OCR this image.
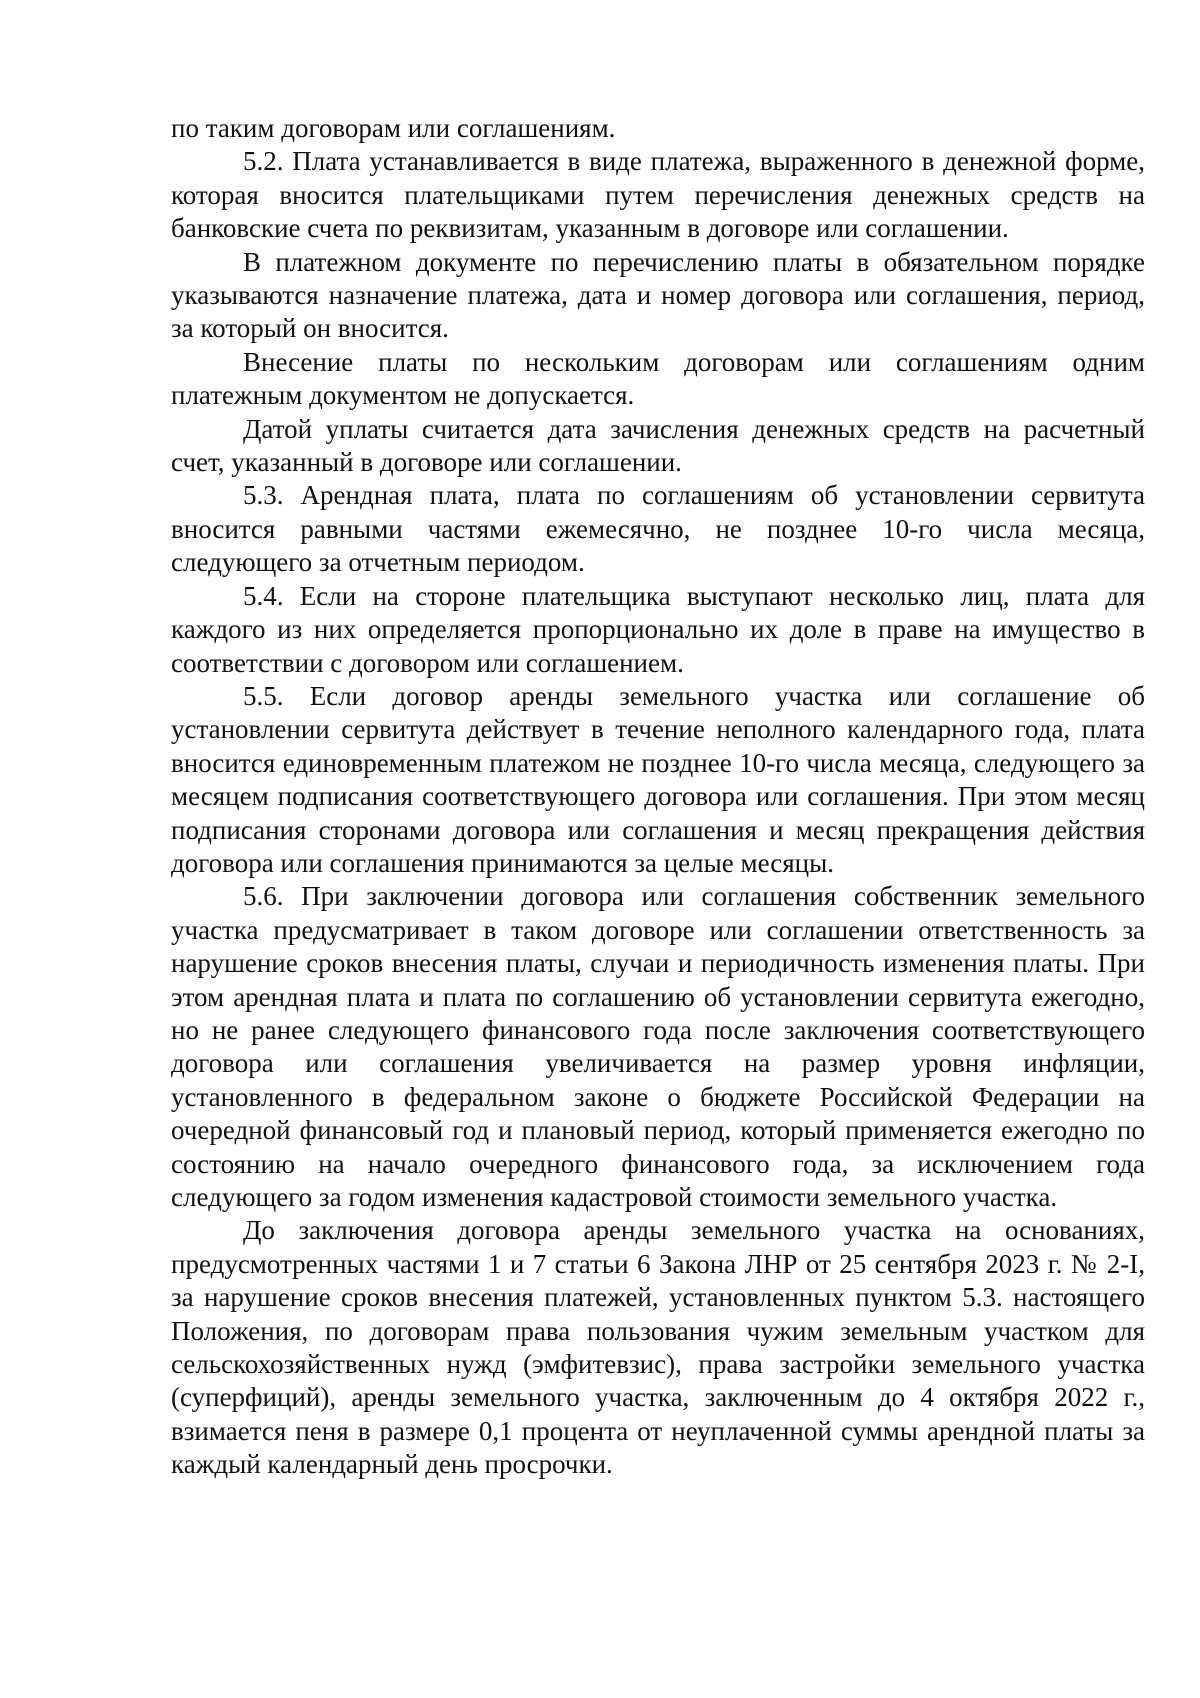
по таким договорам или соглашениям.

5.2. Плата устанавливается в виде платежа, выраженного в денежной форме, которая вносится плательщиками путем перечисления денежных средств на банковские счета по реквизитам, указанным в договоре или соглашении.

В платежном документе по перечислению платы в обязательном порядке указываются назначение платежа, дата и номер договора или соглашения, период, за который он вносится.

Внесение платы по нескольким договорам или соглашениям одним платежным документом не допускается.

Датой уплаты считается дата зачисления денежных средств на расчетный счет, указанный в договоре или соглашении.

5.3. Арендная плата, плата по соглашениям об установлении сервитута вносится равными частями ежемесячно, не позднее 10-го числа месяца, следующего за отчетным периодом.

5.4. Если на стороне плательщика выступают несколько лиц, плата для каждого из них определяется пропорционально их доле в праве на имущество в соответствии с договором или соглашением.

5.5. Если договор аренды земельного участка или соглашение об установлении сервитута действует в течение неполного календарного года, плата вносится единовременным платежом не позднее 10-го числа месяца, следующего за месяцем подписания соответствующего договора или соглашения. При этом месяц подписания сторонами договора или соглашения и месяц прекращения действия договора или соглашения принимаются за целые месяцы.

5.6. При заключении договора или соглашения собственник земельного участка предусматривает в таком договоре или соглашении ответственность за нарушение сроков внесения платы, случаи и периодичность изменения платы. При этом арендная плата и плата по соглашению об установлении сервитута ежегодно, но не ранее следующего финансового года после заключения соответствующего договора или соглашения увеличивается на размер уровня инфляции, установленного в федеральном законе о бюджете Российской Федерации на очередной финансовый год и плановый период, который применяется ежегодно по состоянию на начало очередного финансового года, за исключением года следующего за годом изменения кадастровой стоимости земельного участка.

До заключения договора аренды земельного участка на основаниях, предусмотренных частями 1 и 7 статьи 6 Закона ЛНР от 25 сентября 2023 г. № 2-I, за нарушение сроков внесения платежей, установленных пунктом 5.3. настоящего Положения, по договорам права пользования чужим земельным участком для сельскохозяйственных нужд (эмфитевзис), права застройки земельного участка (суперфиций), аренды земельного участка, заключенным до 4 октября 2022 г., взимается пеня в размере 0,1 процента от неуплаченной суммы арендной платы за каждый календарный день просрочки.
